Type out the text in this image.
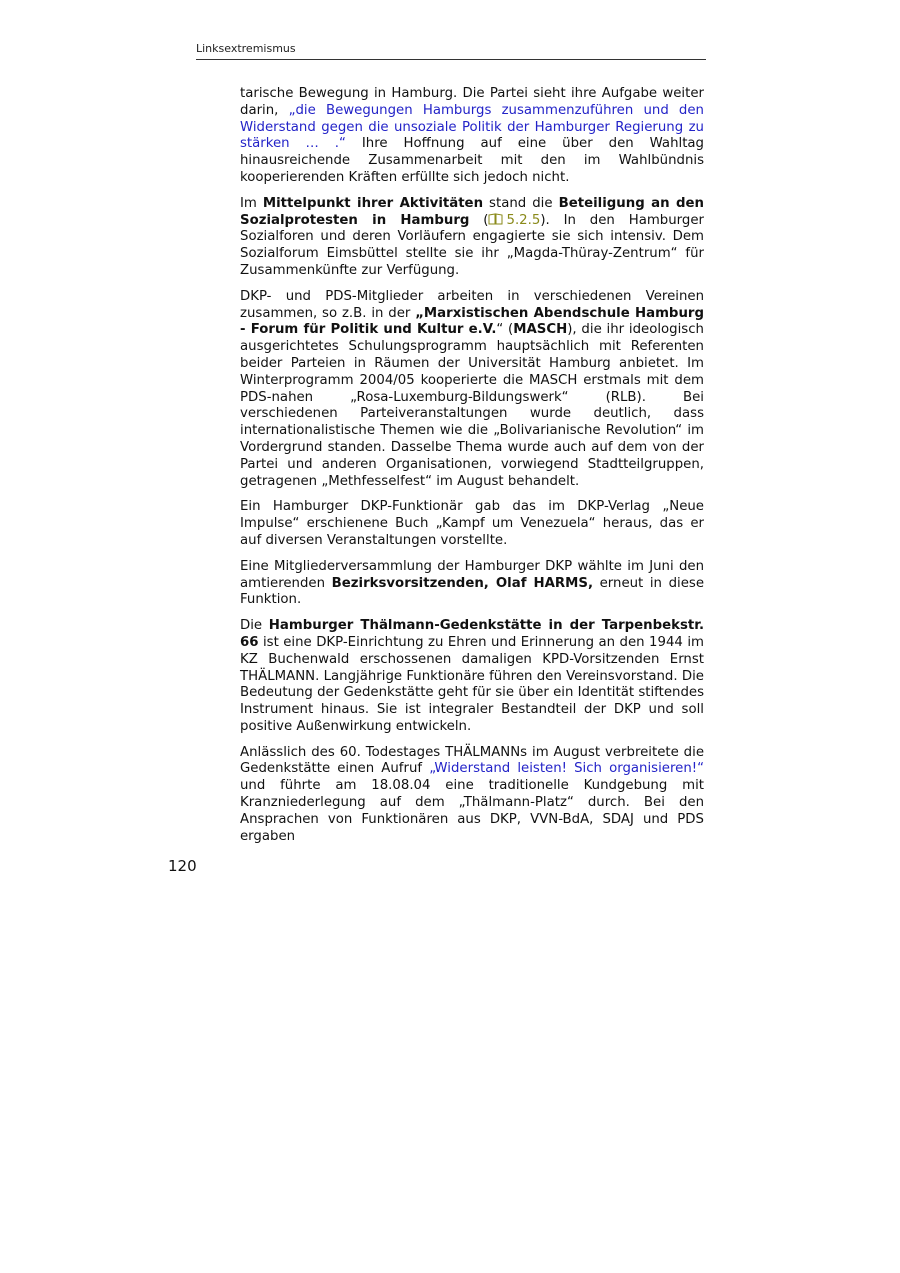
Linksextremismus

tarische Bewegung in Hamburg. Die Partei sieht ihre Aufgabe weiter darin, „die Bewegungen Hamburgs zusammenzuführen und den Widerstand gegen die unsoziale Politik der Hamburger Regierung zu stärken … .“ Ihre Hoffnung auf eine über den Wahltag hinausreichende Zusammenarbeit mit den im Wahlbündnis kooperierenden Kräften erfüllte sich jedoch nicht.

Im Mittelpunkt ihrer Aktivitäten stand die Beteiligung an den Sozialprotesten in Hamburg ( 5.2.5). In den Hamburger Sozialforen und deren Vorläufern engagierte sie sich intensiv. Dem Sozialforum Eimsbüttel stellte sie ihr „Magda-Thüray-Zentrum“ für Zusammenkünfte zur Verfügung.

DKP- und PDS-Mitglieder arbeiten in verschiedenen Vereinen zusammen, so z.B. in der „Marxistischen Abendschule Hamburg - Forum für Politik und Kultur e.V.“ (MASCH), die ihr ideologisch ausgerichtetes Schulungsprogramm hauptsächlich mit Referenten beider Parteien in Räumen der Universität Hamburg anbietet. Im Winterprogramm 2004/05 kooperierte die MASCH erstmals mit dem PDS-nahen „Rosa-Luxemburg-Bildungswerk“ (RLB). Bei verschiedenen Parteiveranstaltungen wurde deutlich, dass internationalistische Themen wie die „Bolivarianische Revolution“ im Vordergrund standen. Dasselbe Thema wurde auch auf dem von der Partei und anderen Organisationen, vorwiegend Stadtteilgruppen, getragenen „Methfesselfest“ im August behandelt.

Ein Hamburger DKP-Funktionär gab das im DKP-Verlag „Neue Impulse“ erschienene Buch „Kampf um Venezuela“ heraus, das er auf diversen Veranstaltungen vorstellte.

Eine Mitgliederversammlung der Hamburger DKP wählte im Juni den amtierenden Bezirksvorsitzenden, Olaf HARMS, erneut in diese Funktion.

Die Hamburger Thälmann-Gedenkstätte in der Tarpenbekstr. 66 ist eine DKP-Einrichtung zu Ehren und Erinnerung an den 1944 im KZ Buchenwald erschossenen damaligen KPD-Vorsitzenden Ernst THÄLMANN. Langjährige Funktionäre führen den Vereinsvorstand. Die Bedeutung der Gedenkstätte geht für sie über ein Identität stiftendes Instrument hinaus. Sie ist integraler Bestandteil der DKP und soll positive Außenwirkung entwickeln.

Anlässlich des 60. Todestages THÄLMANNs im August verbreitete die Gedenkstätte einen Aufruf „Widerstand leisten! Sich organisieren!“ und führte am 18.08.04 eine traditionelle Kundgebung mit Kranzniederlegung auf dem „Thälmann-Platz“ durch. Bei den Ansprachen von Funktionären aus DKP, VVN-BdA, SDAJ und PDS ergaben

120
